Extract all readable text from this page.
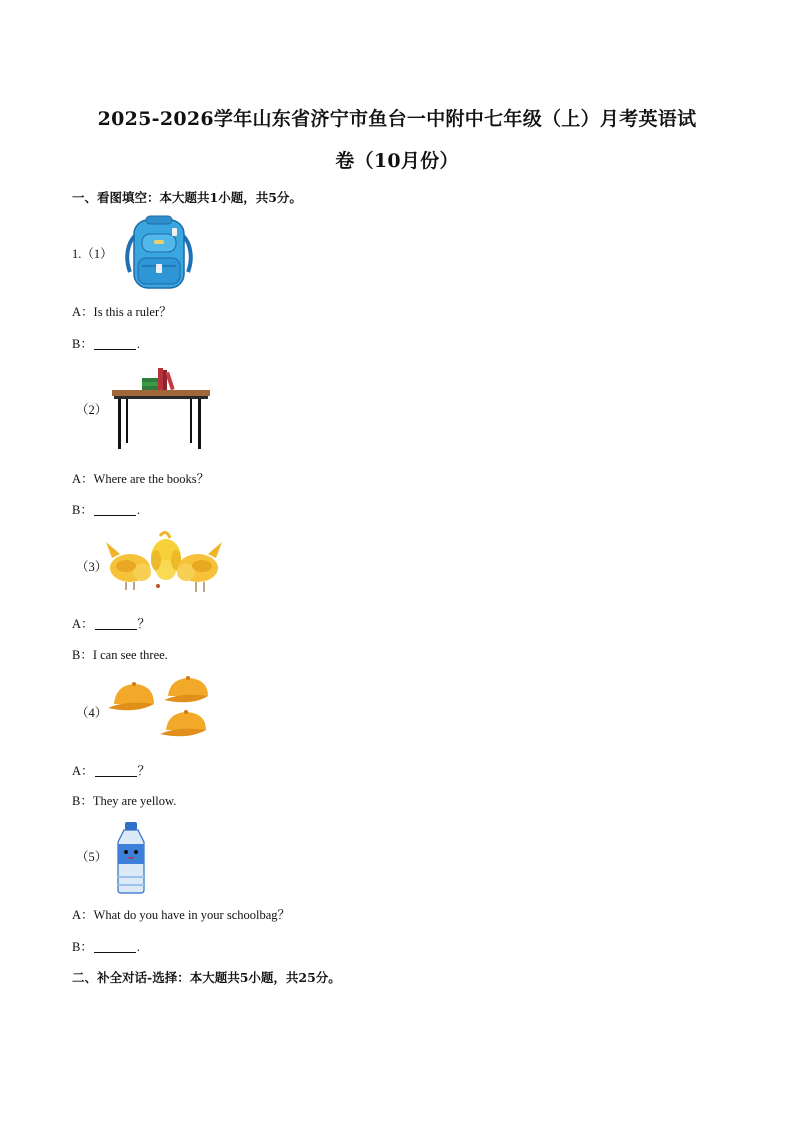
2025-2026学年山东省济宁市鱼台一中附中七年级（上）月考英语试
卷（10月份）
一、看图填空：本大题共1小题，共5分。
1.（1）
A：Is this a ruler？
B：	.
（2）
A：Where are the books？
B：	.
（3）
A：	？
B：I can see three.
（4）
A：	？
B：They are yellow.
（5）
A：What do you have in your schoolbag？
B：	.
二、补全对话-选择：本大题共5小题，共25分。
